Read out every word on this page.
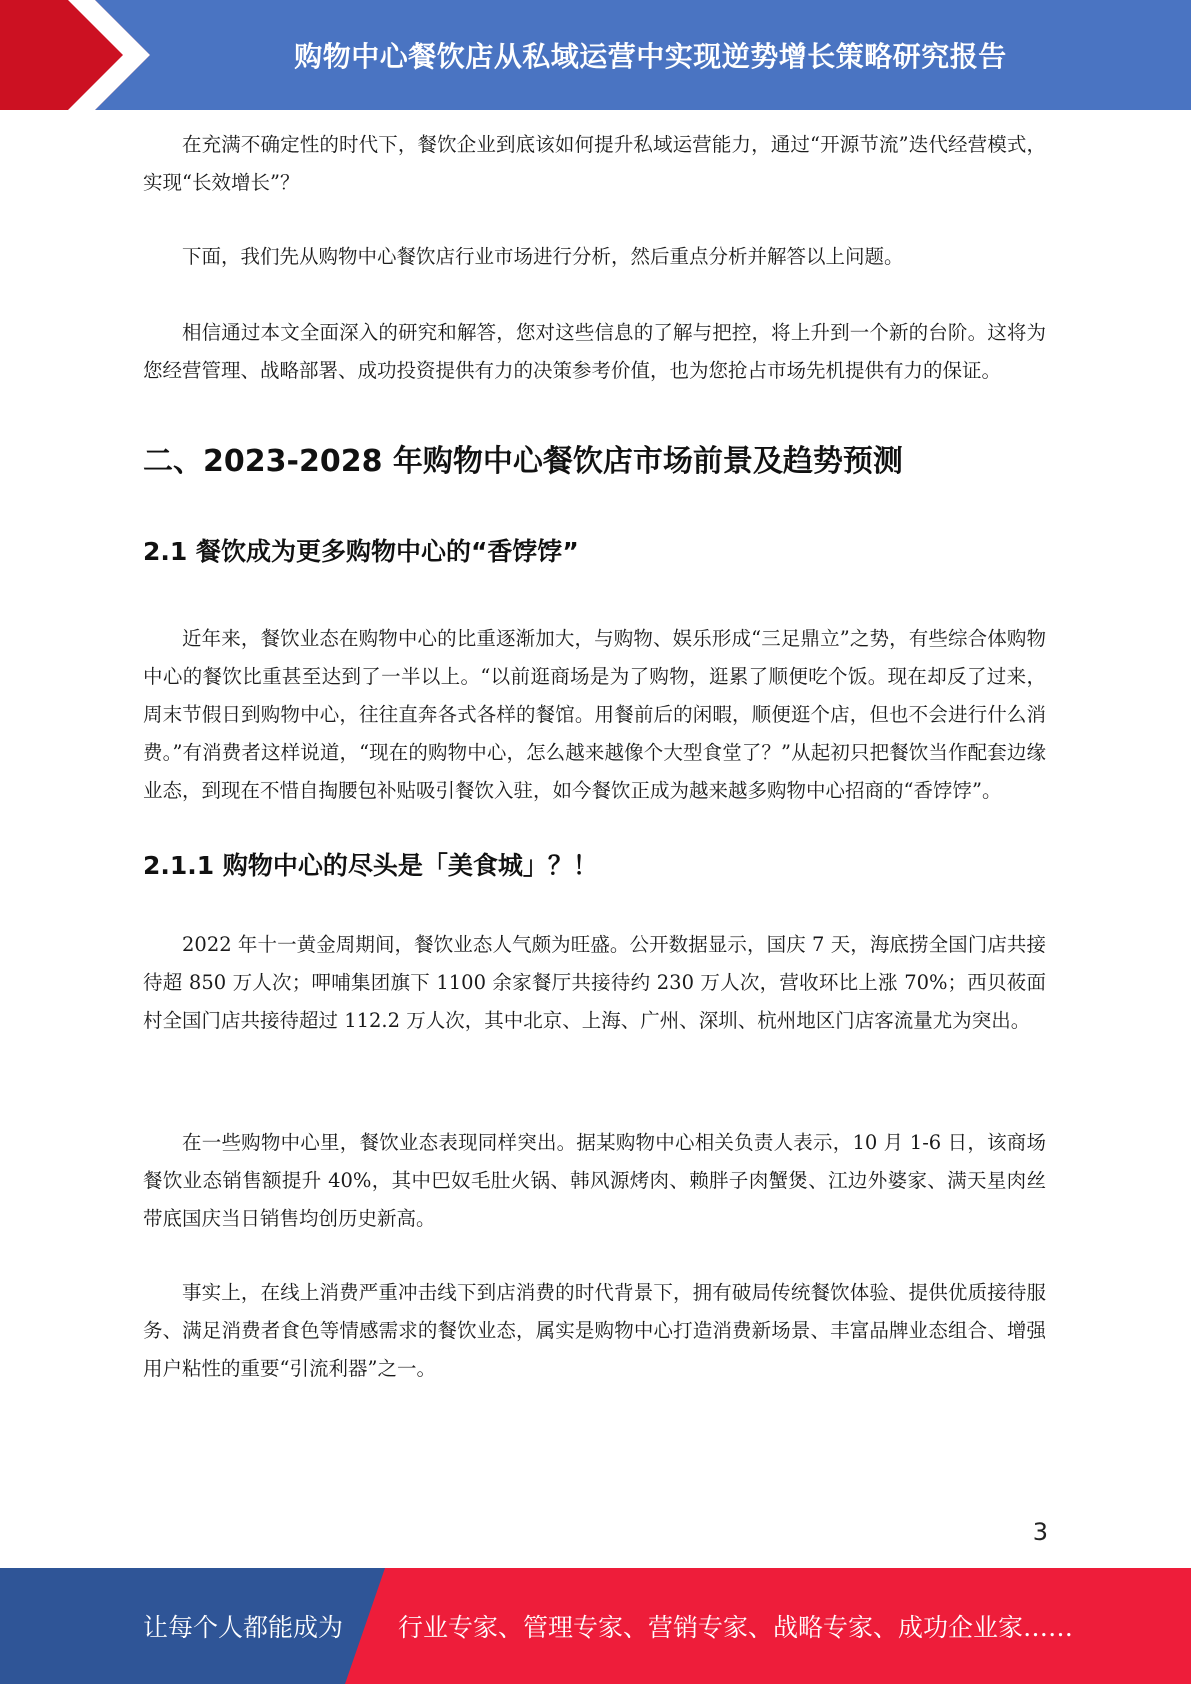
购物中心餐饮店从私域运营中实现逆势增长策略研究报告

在充满不确定性的时代下，餐饮企业到底该如何提升私域运营能力，通过“开源节流”迭代经营模式，实现“长效增长”？

下面，我们先从购物中心餐饮店行业市场进行分析，然后重点分析并解答以上问题。

相信通过本文全面深入的研究和解答，您对这些信息的了解与把控，将上升到一个新的台阶。这将为您经营管理、战略部署、成功投资提供有力的决策参考价值，也为您抢占市场先机提供有力的保证。

二、2023-2028 年购物中心餐饮店市场前景及趋势预测
2.1 餐饮成为更多购物中心的“香饽饽”

近年来，餐饮业态在购物中心的比重逐渐加大，与购物、娱乐形成“三足鼎立”之势，有些综合体购物中心的餐饮比重甚至达到了一半以上。“以前逛商场是为了购物，逛累了顺便吃个饭。现在却反了过来，周末节假日到购物中心，往往直奔各式各样的餐馆。用餐前后的闲暇，顺便逛个店，但也不会进行什么消费。”有消费者这样说道，“现在的购物中心，怎么越来越像个大型食堂了？”从起初只把餐饮当作配套边缘业态，到现在不惜自掏腰包补贴吸引餐饮入驻，如今餐饮正成为越来越多购物中心招商的“香饽饽”。

2.1.1 购物中心的尽头是「美食城」？！

2022 年十一黄金周期间，餐饮业态人气颇为旺盛。公开数据显示，国庆 7 天，海底捞全国门店共接待超 850 万人次；呷哺集团旗下 1100 余家餐厅共接待约 230 万人次，营收环比上涨 70%；西贝莜面村全国门店共接待超过 112.2 万人次，其中北京、上海、广州、深圳、杭州地区门店客流量尤为突出。

在一些购物中心里，餐饮业态表现同样突出。据某购物中心相关负责人表示，10 月 1-6 日，该商场餐饮业态销售额提升 40%，其中巴奴毛肚火锅、韩风源烤肉、赖胖子肉蟹煲、江边外婆家、满天星肉丝带底国庆当日销售均创历史新高。

事实上，在线上消费严重冲击线下到店消费的时代背景下，拥有破局传统餐饮体验、提供优质接待服务、满足消费者食色等情感需求的餐饮业态，属实是购物中心打造消费新场景、丰富品牌业态组合、增强用户粘性的重要“引流利器”之一。

3
让每个人都能成为 行业专家、管理专家、营销专家、战略专家、成功企业家……
